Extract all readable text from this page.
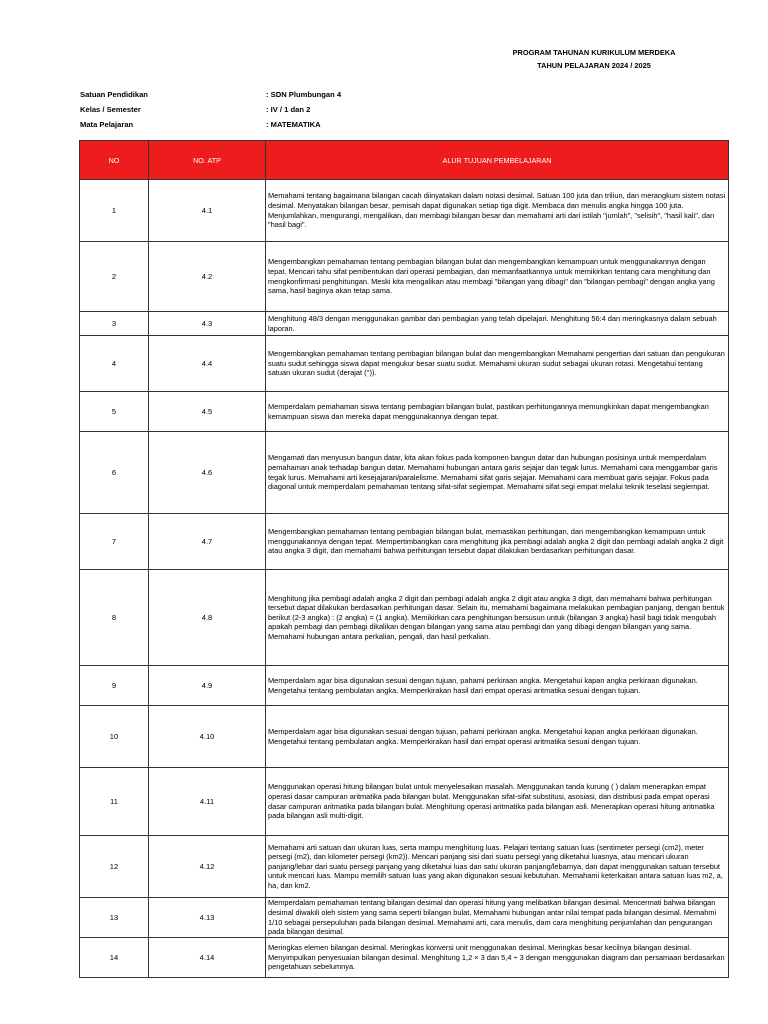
PROGRAM TAHUNAN KURIKULUM MERDEKA
TAHUN PELAJARAN 2024 / 2025
Satuan Pendidikan	: SDN Plumbungan 4
Kelas / Semester	: IV / 1 dan 2
Mata Pelajaran	: MATEMATIKA
NO	NO. ATP	ALUR TUJUAN PEMBELAJARAN
1	4.1	Memahami tentang bagaimana bilangan cacah diinyatakan dalam notasi desimal. Satuan 100 juta dan triliun, dan merangkum sistem notasi desimal. Menyatakan bilangan besar, pemisah dapat digunakan setiap tiga digit. Membaca dan menulis angka hingga 100 juta. Menjumlahkan, mengurangi, mengalikan, dan membagi bilangan besar dan memahami arti dari istilah "jumlah", "selisih", "hasil kali", dan "hasil bagi".
2	4.2	Mengembangkan pemahaman tentang pembagian bilangan bulat dan mengembangkan kemampuan untuk menggunakannya dengan tepat. Mencari tahu sifat pembentukan dari operasi pembagian, dan memanfaatkannya untuk memikirkan tentang cara menghitung dan mengkonfirmasi penghitungan. Meski kita mengalikan atau membagi "bilangan yang dibagi" dan "bilangan pembagi" dengan angka yang sama, hasil baginya akan tetap sama.
3	4.3	Menghitung 48/3 dengan menggunakan gambar dan pembagian yang telah dipelajari. Menghitung 56:4 dan meringkasnya dalam sebuah laporan.
4	4.4	Mengembangkan pemahaman tentang pembagian bilangan bulat dan mengembangkan Memahami pengertian dari satuan dan pengukuran suatu sudut sehingga siswa dapat mengukur besar suatu sudut. Memahami ukuran sudut sebagai ukuran rotasi. Mengetahui tentang satuan ukuran sudut (derajat (°)).
5	4.5	Memperdalam pemahaman siswa tentang pembagian bilangan bulat, pastikan perhitungannya memungkinkan dapat mengembangkan kemampuan siswa dan mereka dapat menggunakannya dengan tepat.
6	4.6	Mengamati dan menyusun bangun datar, kita akan fokus pada komponen bangun datar dan hubungan posisinya untuk memperdalam pemahaman anak terhadap bangun datar. Memahami hubungan antara garis sejajar dan tegak lurus. Memahami cara menggambar garis tegak lurus. Memahami arti kesejajaran/paralelisme. Memahami sifat garis sejajar. Memahami cara membuat garis sejajar. Fokus pada diagonal untuk memperdalam pemahaman tentang sifat-sifat segiempat. Memahami sifat segi empat melalui teknik teselasi segiempat.
7	4.7	Mengembangkan pemahaman tentang pembagian bilangan bulat, memastikan perhitungan, dan mengembangkan kemampuan untuk menggunakannya dengan tepat. Mempertimbangkan cara menghitung jika pembagi adalah angka 2 digit dan pembagi adalah angka 2 digit atau angka 3 digit, dan memahami bahwa perhitungan tersebut dapat dilakukan berdasarkan perhitungan dasar.
8	4.8	Menghitung jika pembagi adalah angka 2 digit dan pembagi adalah angka 2 digit atau angka 3 digit, dan memahami bahwa perhitungan tersebut dapat dilakukan berdasarkan perhitungan dasar. Selain itu, memahami bagaimana melakukan pembagian panjang, dengan bentuk berikut (2-3 angka) : (2 angka) = (1 angka). Memikirkan cara penghitungan bersusun untuk (bilangan 3 angka) hasil bagi tidak mengubah apakah pembagi dan pembagi dikalikan dengan bilangan yang sama atau pembagi dan yang dibagi dengan bilangan yang sama. Memahami hubungan antara perkalian, pengali, dan hasil perkalian.
9	4.9	Memperdalam agar bisa digunakan sesuai dengan tujuan, pahami perkiraan angka. Mengetahui kapan angka perkiraan digunakan. Mengetahui tentang pembulatan angka. Memperkirakan hasil dari empat operasi aritmatika sesuai dengan tujuan.
10	4.10	Memperdalam agar bisa digunakan sesuai dengan tujuan, pahami perkiraan angka. Mengetahui kapan angka perkiraan digunakan. Mengetahui tentang pembulatan angka. Memperkirakan hasil dari empat operasi aritmatika sesuai dengan tujuan.
11	4.11	Menggunakan operasi hitung bilangan bulat untuk menyelesaikan masalah. Menggunakan tanda kurung ( ) dalam menerapkan empat operasi dasar campuran aritmatika pada bilangan bulat. Menggunakan sifat-sifat substitusi, asosiasi, dan distribusi pada empat operasi dasar campuran aritmatika pada bilangan bulat. Menghitung operasi aritmatika pada bilangan asli. Menerapkan operasi hitung aritmatika pada bilangan asli multi-digit.
12	4.12	Memahami arti satuan dan ukuran luas, serta mampu menghitung luas. Pelajari tentang satuan luas (sentimeter persegi (cm2), meter persegi (m2), dan kilometer persegi (km2)). Mencari panjang sisi dari suatu persegi yang diketahui luasnya, atau mencari ukuran panjang/lebar dari suatu persegi panjang yang diketahui luas dan satu ukuran panjang/lebarnya, dan dapat menggunakan satuan tersebut untuk mencari luas. Mampu memilih satuan luas yang akan digunakan sesuai kebutuhan. Memahami keterkaitan antara satuan luas m2, a, ha, dan km2.
13	4.13	Memperdalam pemahaman tentang bilangan desimal dan operasi hitung yang melibatkan bilangan desimal. Mencermati bahwa bilangan desimal diwakili oleh sistem yang sama seperti bilangan bulat, Memahami hubungan antar nilai tempat pada bilangan desimal. Memahmi 1/10 sebagai persepuluhan pada bilangan desimal. Memahami arti, cara menulis, dam cara menghitung penjumlahan dan pengurangan pada bilangan desimal.
14	4.14	Meringkas elemen bilangan desimal. Meringkas konversi unit menggunakan desimal. Meringkas besar kecilnya bilangan desimal. Menyimpulkan penyesuaian bilangan desimal. Menghitung 1,2 × 3 dan 5,4 ÷ 3 dengan menggunakan diagram dan persamaan berdasarkan pengetahuan sebelumnya.
